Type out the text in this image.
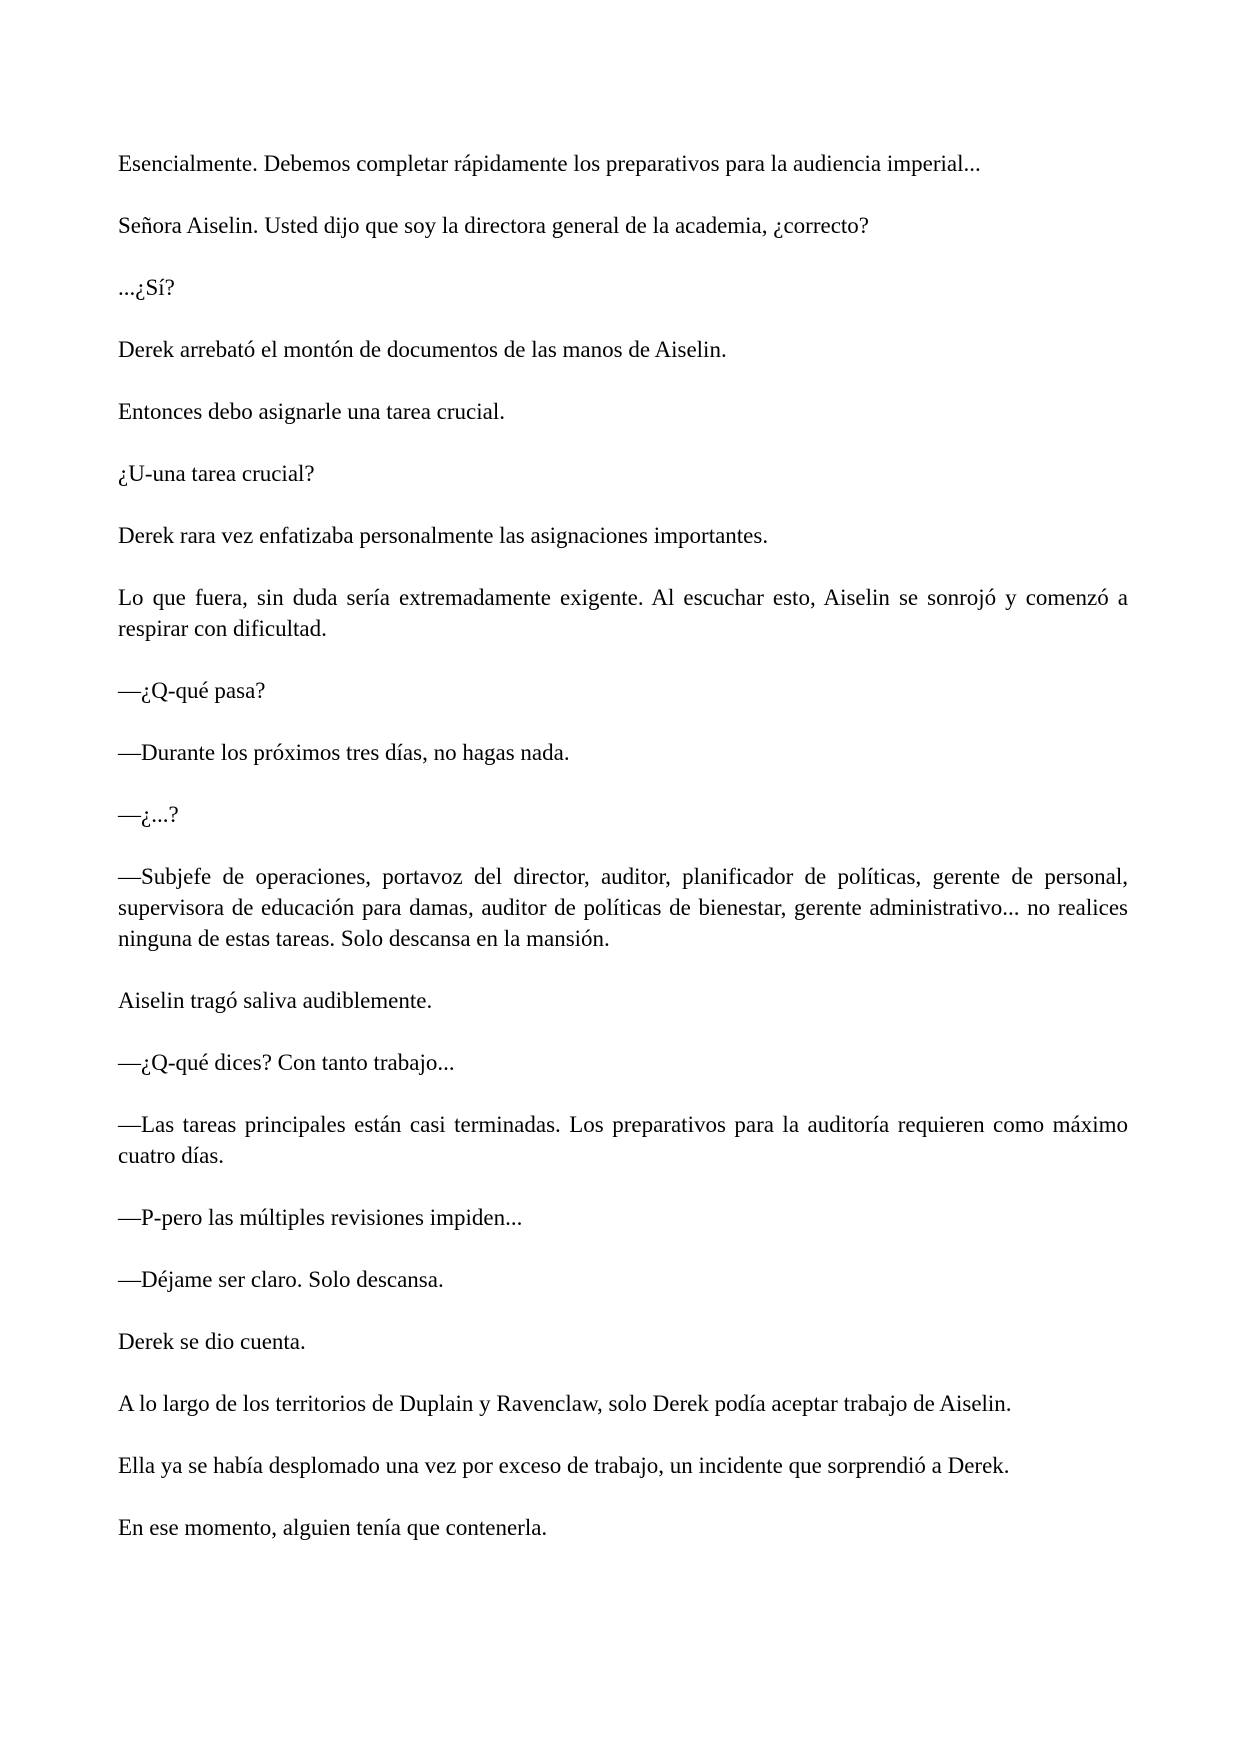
Esencialmente. Debemos completar rápidamente los preparativos para la audiencia imperial...

Señora Aiselin. Usted dijo que soy la directora general de la academia, ¿correcto?

...¿Sí?

Derek arrebató el montón de documentos de las manos de Aiselin.

Entonces debo asignarle una tarea crucial.

¿U-una tarea crucial?

Derek rara vez enfatizaba personalmente las asignaciones importantes.

Lo que fuera, sin duda sería extremadamente exigente. Al escuchar esto, Aiselin se sonrojó y comenzó a respirar con dificultad.

—¿Q-qué pasa?

—Durante los próximos tres días, no hagas nada.

—¿...?

—Subjefe de operaciones, portavoz del director, auditor, planificador de políticas, gerente de personal, supervisora de educación para damas, auditor de políticas de bienestar, gerente administrativo... no realices ninguna de estas tareas. Solo descansa en la mansión.

Aiselin tragó saliva audiblemente.

—¿Q-qué dices? Con tanto trabajo...

—Las tareas principales están casi terminadas. Los preparativos para la auditoría requieren como máximo cuatro días.

—P-pero las múltiples revisiones impiden...

—Déjame ser claro. Solo descansa.

Derek se dio cuenta.

A lo largo de los territorios de Duplain y Ravenclaw, solo Derek podía aceptar trabajo de Aiselin.

Ella ya se había desplomado una vez por exceso de trabajo, un incidente que sorprendió a Derek.

En ese momento, alguien tenía que contenerla.
